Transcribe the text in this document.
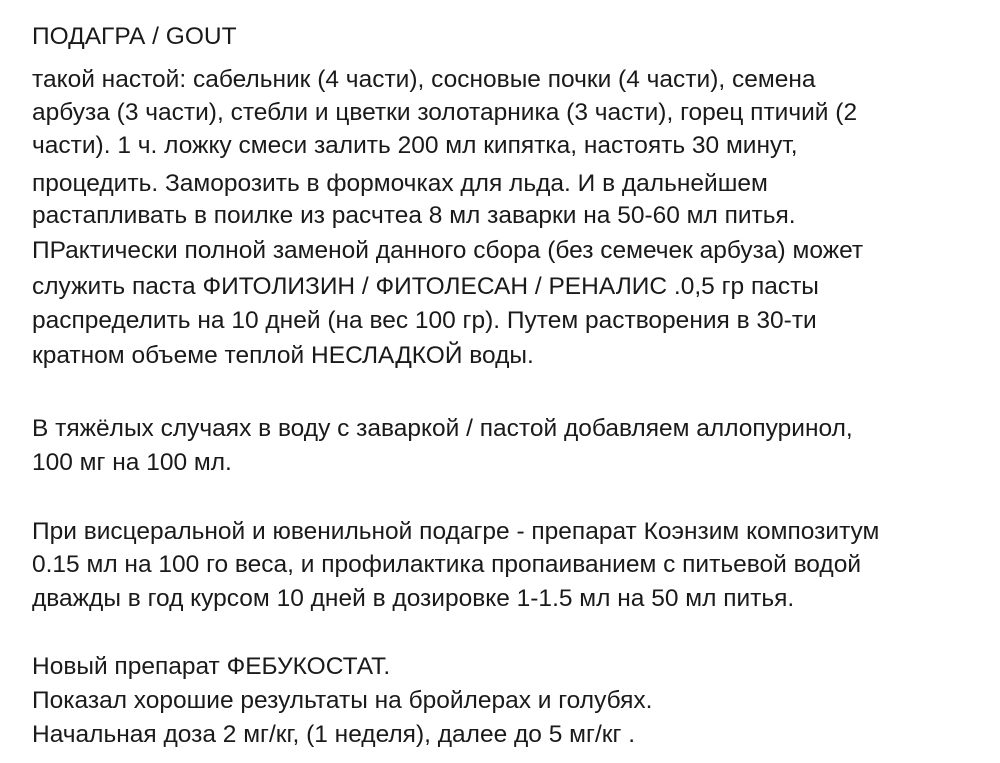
ПОДАГРА / GOUT
такой настой: сабельник (4 части), сосновые почки (4 части), семена
арбуза (3 части), стебли и цветки золотарника (3 части), горец птичий (2
части). 1 ч. ложку смеси залить 200 мл кипятка, настоять 30 минут,
процедить. Заморозить в формочках для льда. И в дальнейшем
растапливать в поилке из расчтеа 8 мл заварки на 50-60 мл питья.
ПРактически полной заменой данного сбора (без семечек арбуза) может
служить паста ФИТОЛИЗИН / ФИТОЛЕСАН / РЕНАЛИС .0,5 гр пасты
распределить на 10 дней (на вес 100 гр). Путем растворения в 30-ти
кратном объеме теплой НЕСЛАДКОЙ воды.
В тяжёлых случаях в воду с заваркой / пастой добавляем аллопуринол,
100 мг на 100 мл.
При висцеральной и ювенильной подагре - препарат Коэнзим композитум
0.15 мл на 100 го веса, и профилактика пропаиванием с питьевой водой
дважды в год курсом 10 дней в дозировке 1-1.5 мл на 50 мл питья.
Новый препарат ФЕБУКОСТАТ.
Показал хорошие результаты на бройлерах и голубях.
Начальная доза 2 мг/кг, (1 неделя), далее до 5 мг/кг .
